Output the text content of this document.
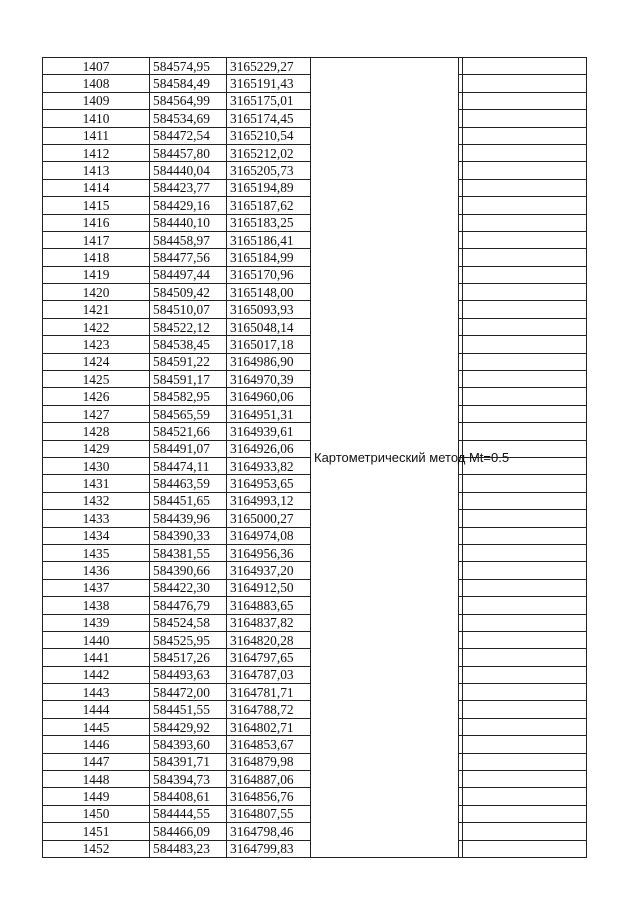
1407	584574,95	3165229,27	Картометрический метод Mt=0.5		
1408	584584,49	3165191,43			
1409	584564,99	3165175,01			
1410	584534,69	3165174,45			
1411	584472,54	3165210,54			
1412	584457,80	3165212,02			
1413	584440,04	3165205,73			
1414	584423,77	3165194,89			
1415	584429,16	3165187,62			
1416	584440,10	3165183,25			
1417	584458,97	3165186,41			
1418	584477,56	3165184,99			
1419	584497,44	3165170,96			
1420	584509,42	3165148,00			
1421	584510,07	3165093,93			
1422	584522,12	3165048,14			
1423	584538,45	3165017,18			
1424	584591,22	3164986,90			
1425	584591,17	3164970,39			
1426	584582,95	3164960,06			
1427	584565,59	3164951,31			
1428	584521,66	3164939,61			
1429	584491,07	3164926,06			
1430	584474,11	3164933,82			
1431	584463,59	3164953,65			
1432	584451,65	3164993,12			
1433	584439,96	3165000,27			
1434	584390,33	3164974,08			
1435	584381,55	3164956,36			
1436	584390,66	3164937,20			
1437	584422,30	3164912,50			
1438	584476,79	3164883,65			
1439	584524,58	3164837,82			
1440	584525,95	3164820,28			
1441	584517,26	3164797,65			
1442	584493,63	3164787,03			
1443	584472,00	3164781,71			
1444	584451,55	3164788,72			
1445	584429,92	3164802,71			
1446	584393,60	3164853,67			
1447	584391,71	3164879,98			
1448	584394,73	3164887,06			
1449	584408,61	3164856,76			
1450	584444,55	3164807,55			
1451	584466,09	3164798,46			
1452	584483,23	3164799,83			
